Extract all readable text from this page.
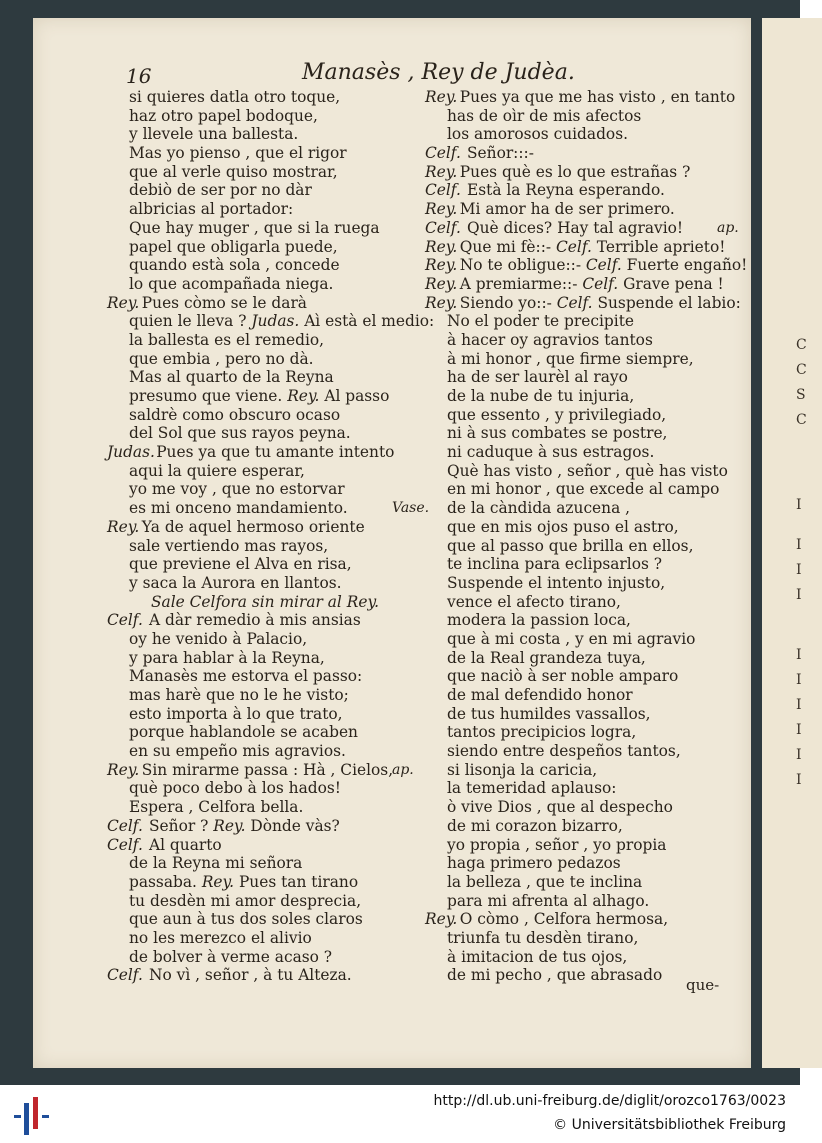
C
C
S
C
I
I
I
I
I
I
I
I
I
I
16	Manasès , Rey de Judèa.
si quieres datla otro toque,
haz otro papel bodoque,
y llevele una ballesta.
Mas yo pienso , que el rigor
que al verle quiso mostrar,
debiò de ser por no dàr
albricias al portador:
Que hay muger , que si la ruega
papel que obligarla puede,
quando està sola , concede
lo que acompañada niega.
Rey. Pues còmo se le darà
quien le lleva ? Judas. Aì està el medio:
la ballesta es el remedio,
que embia , pero no dà.
Mas al quarto de la Reyna
presumo que viene. Rey. Al passo
saldrè como obscuro ocaso
del Sol que sus rayos peyna.
Judas. Pues ya que tu amante intento
aqui la quiere esperar,
yo me voy , que no estorvar
es mi onceno mandamiento.	Vase.
Rey. Ya de aquel hermoso oriente
sale vertiendo mas rayos,
que previene el Alva en risa,
y saca la Aurora en llantos.
Sale Celfora sin mirar al Rey.
Celf. A dàr remedio à mis ansias
oy he venido à Palacio,
y para hablar à la Reyna,
Manasès me estorva el passo:
mas harè que no le he visto;
esto importa à lo que trato,
porque hablandole se acaben
en su empeño mis agravios.
Rey. Sin mirarme passa : Hà , Cielos,
ap.
què poco debo à los hados!
Espera , Celfora bella.
Celf. Señor ? Rey. Dònde vàs?
Celf. Al quarto
de la Reyna mi señora
passaba. Rey. Pues tan tirano
tu desdèn mi amor desprecia,
que aun à tus dos soles claros
no les merezco el alivio
de bolver à verme acaso ?
Celf. No vì , señor , à tu Alteza.
Rey. Pues ya que me has visto , en tanto
has de oìr de mis afectos
los amorosos cuidados.
Celf. Señor:::-
Rey. Pues què es lo que estrañas ?
Celf. Està la Reyna esperando.
Rey. Mi amor ha de ser primero.
Celf. Què dices? Hay tal agravio! ap.
Rey. Que mi fè::- Celf. Terrible aprieto!
Rey. No te obligue::- Celf. Fuerte engaño!
Rey. A premiarme::- Celf. Grave pena !
Rey. Siendo yo::- Celf. Suspende el labio:
No el poder te precipite
à hacer oy agravios tantos
à mi honor , que firme siempre,
ha de ser laurèl al rayo
de la nube de tu injuria,
que essento , y privilegiado,
ni à sus combates se postre,
ni caduque à sus estragos.
Què has visto , señor , què has visto
en mi honor , que excede al campo
de la càndida azucena ,
que en mis ojos puso el astro,
que al passo que brilla en ellos,
te inclina para eclipsarlos ?
Suspende el intento injusto,
vence el afecto tirano,
modera la passion loca,
que à mi costa , y en mi agravio
de la Real grandeza tuya,
que naciò à ser noble amparo
de mal defendido honor
de tus humildes vassallos,
tantos precipicios logra,
siendo entre despeños tantos,
si lisonja la caricia,
la temeridad aplauso:
ò vive Dios , que al despecho
de mi corazon bizarro,
yo propia , señor , yo propia
haga primero pedazos
la belleza , que te inclina
para mi afrenta al alhago.
Rey. O còmo , Celfora hermosa,
triunfa tu desdèn tirano,
à imitacion de tus ojos,
de mi pecho , que abrasado
que-
http://dl.ub.uni-freiburg.de/diglit/orozco1763/0023
© Universitätsbibliothek Freiburg
